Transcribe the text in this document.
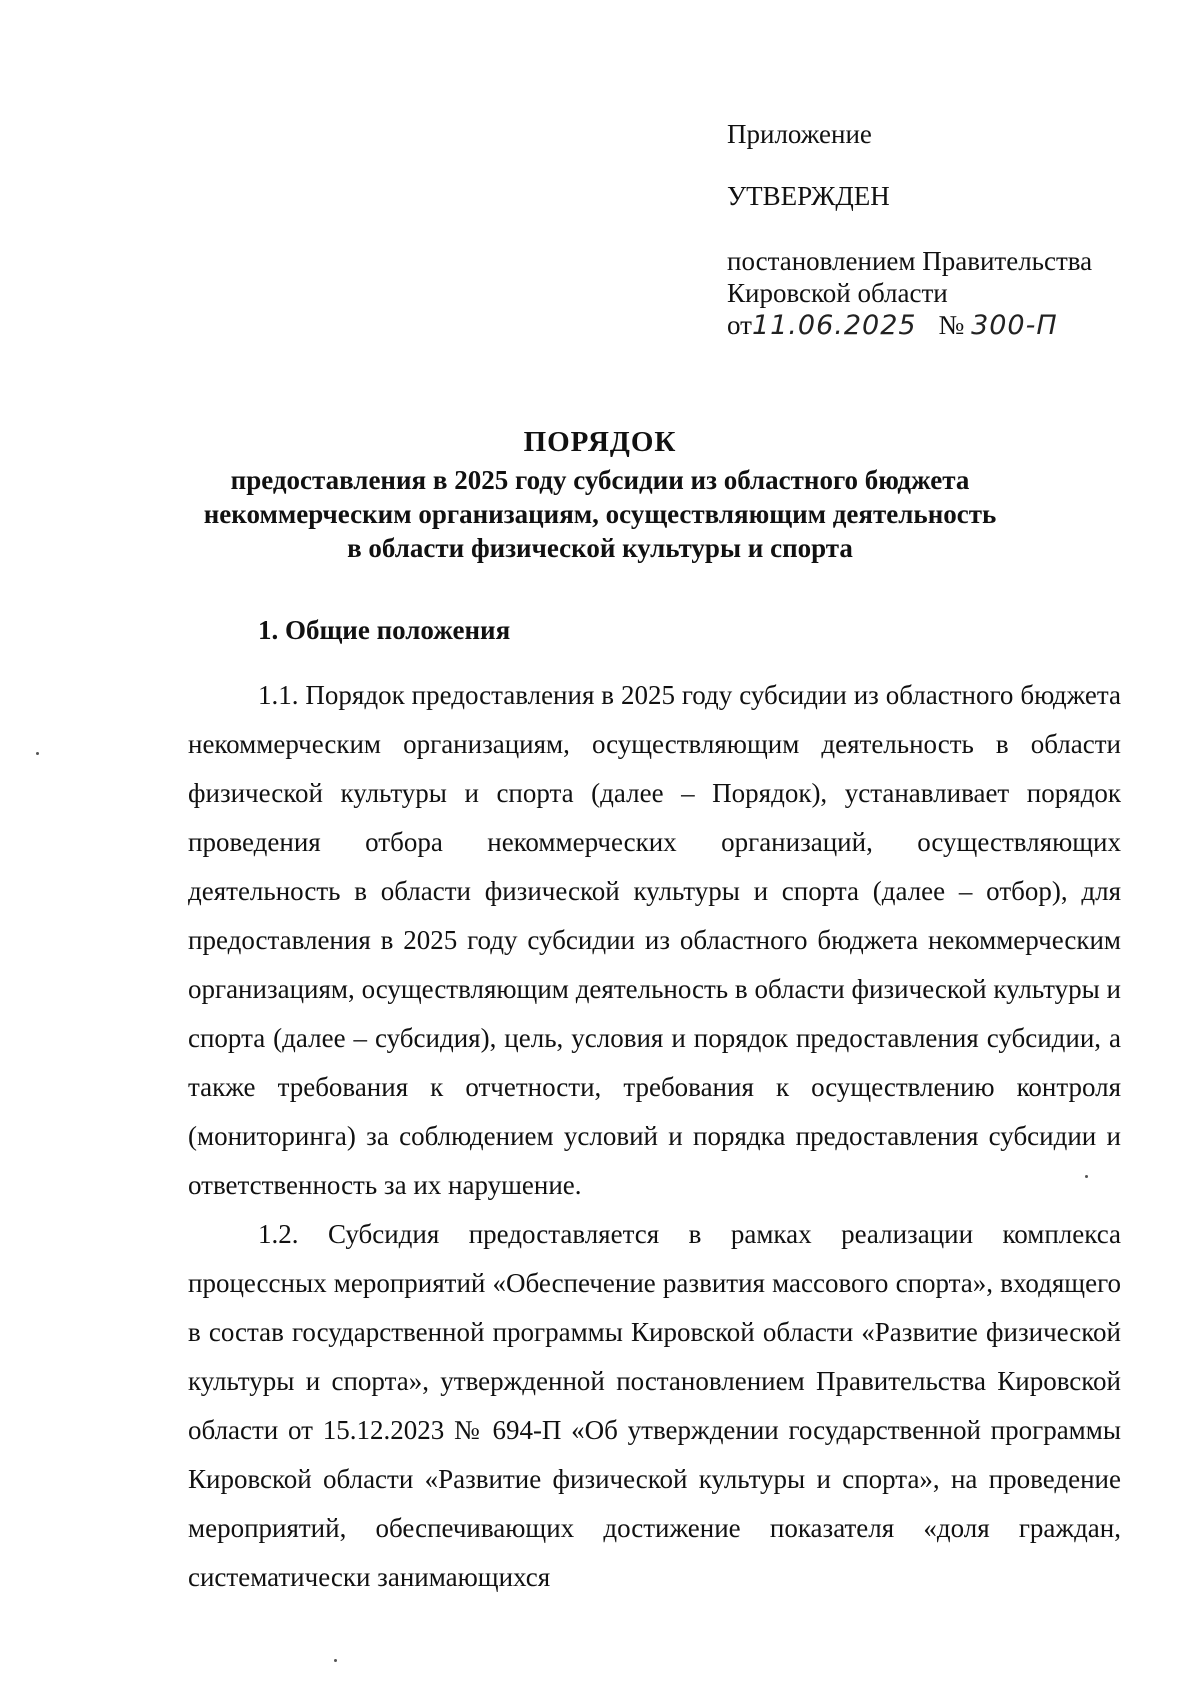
Приложение
УТВЕРЖДЕН
постановлением Правительства
Кировской области
от11.06.2025 № 300-П
ПОРЯДОК
предоставления в 2025 году субсидии из областного бюджета
некоммерческим организациям, осуществляющим деятельность
в области физической культуры и спорта
1. Общие положения

1.1. Порядок предоставления в 2025 году субсидии из областного бюджета некоммерческим организациям, осуществляющим деятельность в области физической культуры и спорта (далее – Порядок), устанавливает порядок проведения отбора некоммерческих организаций, осуществляющих деятельность в области физической культуры и спорта (далее – отбор), для предоставления в 2025 году субсидии из областного бюджета некоммерческим организациям, осуществляющим деятельность в области физической культуры и спорта (далее – субсидия), цель, условия и порядок предоставления субсидии, а также требования к отчетности, требования к осуществлению контроля (мониторинга) за соблюдением условий и порядка предоставления субсидии и ответственность за их нарушение.

1.2. Субсидия предоставляется в рамках реализации комплекса процессных мероприятий «Обеспечение развития массового спорта», входящего в состав государственной программы Кировской области «Развитие физической культуры и спорта», утвержденной постановлением Правительства Кировской области от 15.12.2023 № 694-П «Об утверждении государственной программы Кировской области «Развитие физической культуры и спорта», на проведение мероприятий, обеспечивающих достижение показателя «доля граждан, систематически занимающихся
